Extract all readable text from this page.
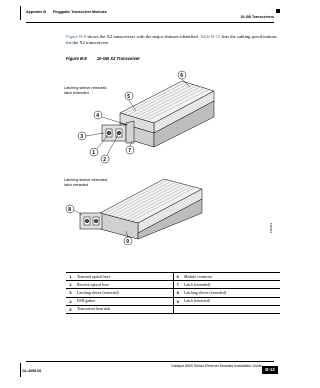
Appendix B Pluggable Transceiver Modules
10-GB Transceivers

Figure B-8 shows the X2 transceivers with the major features identified. Table B-15 lists the cabling specifications for the X2 transceivers.

Figure B-8 10-GB X2 Transceiver
Latching sleeve retracted,
latch extended
6
5
4
3
1
2
7
Latching sleeve extended,
latch retracted
8
9
128354
1	Transmit optical bore	6	Module connector
2	Receive optical bore	7	Latch (extended)
3	Latching sleeve (retracted)	8	Latching sleeve (extended)
4	EMI gasket	9	Latch (retracted)
5	Transceiver heat sink		
Catalyst 6500 Series Ethernet Modules Installation Guide
OL-4095-06	B-13
